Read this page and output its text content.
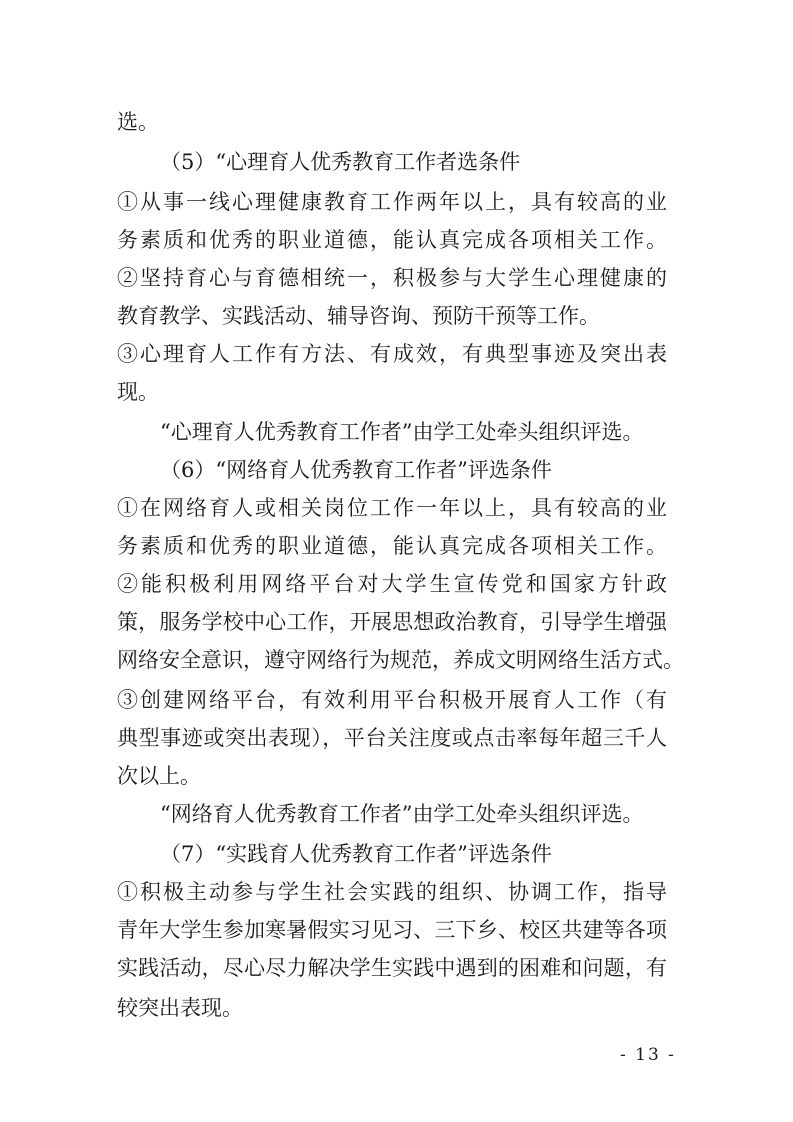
选。
（5）“心理育人优秀教育工作者选条件
①从事一线心理健康教育工作两年以上，具有较高的业
务素质和优秀的职业道德，能认真完成各项相关工作。
②坚持育心与育德相统一，积极参与大学生心理健康的
教育教学、实践活动、辅导咨询、预防干预等工作。
③心理育人工作有方法、有成效，有典型事迹及突出表
现。
“心理育人优秀教育工作者”由学工处牵头组织评选。
（6）“网络育人优秀教育工作者”评选条件
①在网络育人或相关岗位工作一年以上，具有较高的业
务素质和优秀的职业道德，能认真完成各项相关工作。
②能积极利用网络平台对大学生宣传党和国家方针政
策，服务学校中心工作，开展思想政治教育，引导学生增强
网络安全意识，遵守网络行为规范，养成文明网络生活方式。
③创建网络平台，有效利用平台积极开展育人工作（有
典型事迹或突出表现），平台关注度或点击率每年超三千人
次以上。
“网络育人优秀教育工作者”由学工处牵头组织评选。
（7）“实践育人优秀教育工作者”评选条件
①积极主动参与学生社会实践的组织、协调工作，指导
青年大学生参加寒暑假实习见习、三下乡、校区共建等各项
实践活动，尽心尽力解决学生实践中遇到的困难和问题，有
较突出表现。
- 13 -
